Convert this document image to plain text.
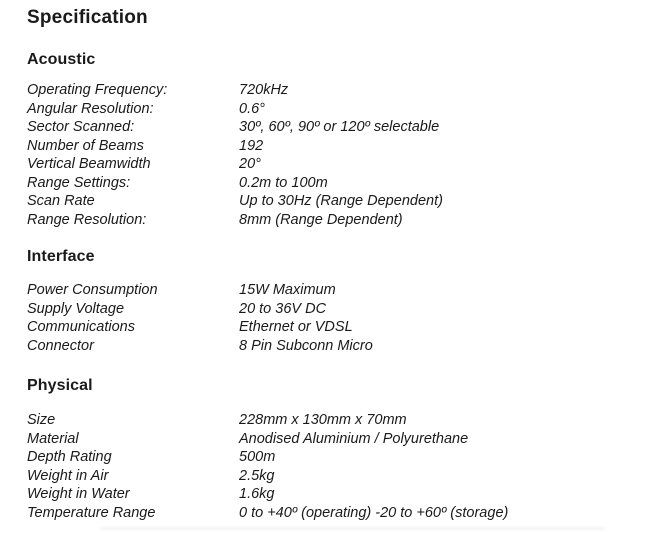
Specification
Acoustic
Operating Frequency:	720kHz
Angular Resolution:	0.6°
Sector Scanned:	30º, 60º, 90º or 120º selectable
Number of Beams	192
Vertical Beamwidth	20°
Range Settings:	0.2m to 100m
Scan Rate	Up to 30Hz (Range Dependent)
Range Resolution:	8mm (Range Dependent)
Interface
Power Consumption	15W Maximum
Supply Voltage	20 to 36V DC
Communications	Ethernet or VDSL
Connector	8 Pin Subconn Micro
Physical
Size	228mm x 130mm x 70mm
Material	Anodised Aluminium / Polyurethane
Depth Rating	500m
Weight in Air	2.5kg
Weight in Water	1.6kg
Temperature Range	0 to +40º (operating) -20 to +60º (storage)
